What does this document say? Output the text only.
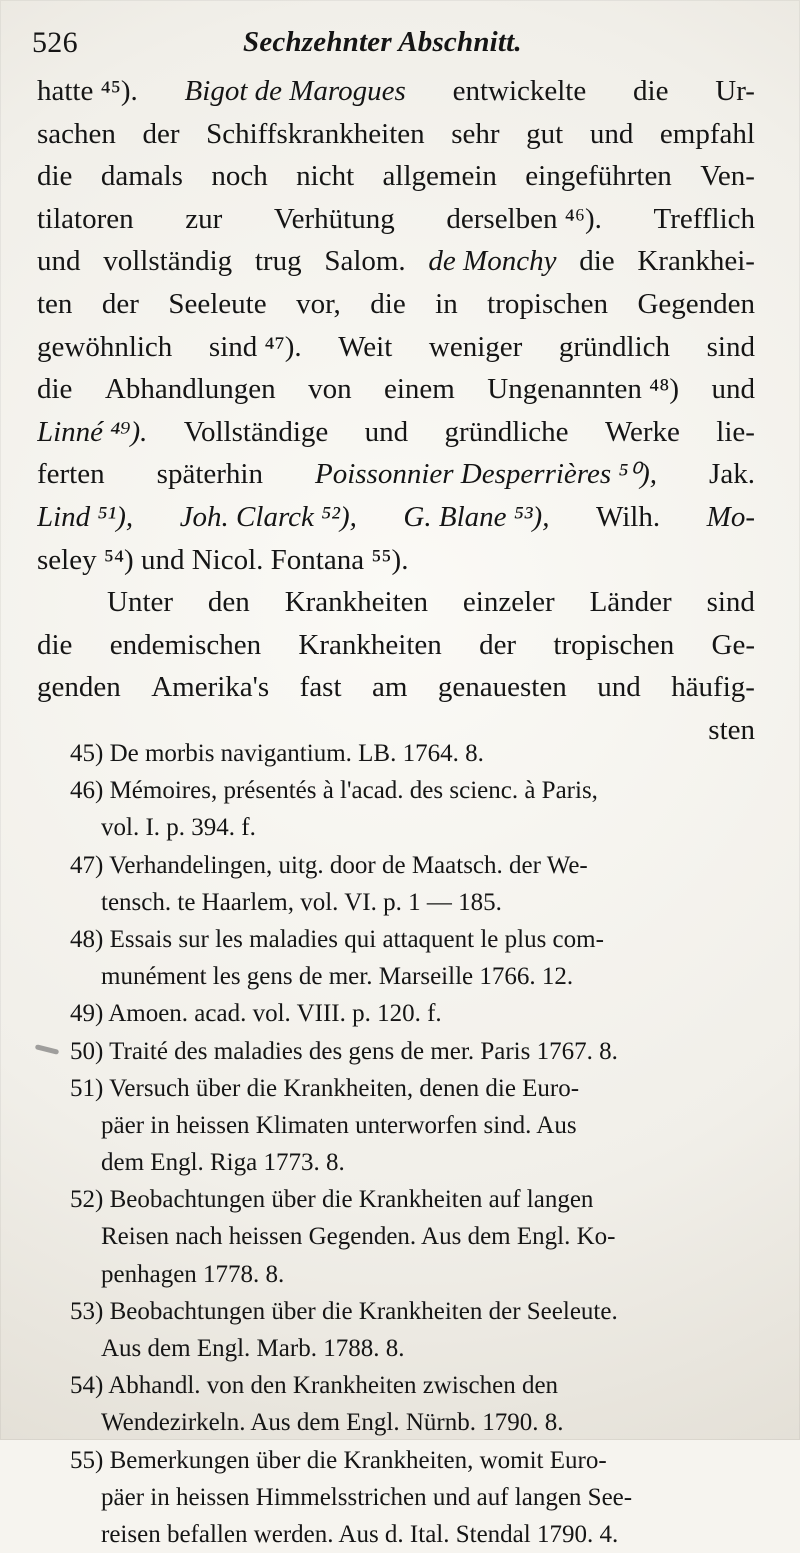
526	Sechzehnter Abschnitt.
hatte ⁴⁵). Bigot de Marogues entwickelte die Ur-
sachen der Schiffskrankheiten sehr gut und empfahl
die damals noch nicht allgemein eingeführten Ven-
tilatoren zur Verhütung derselben ⁴⁶). Trefflich
und vollständig trug Salom. de Monchy die Krankhei-
ten der Seeleute vor, die in tropischen Gegenden
gewöhnlich sind ⁴⁷). Weit weniger gründlich sind
die Abhandlungen von einem Ungenannten ⁴⁸) und
Linné ⁴⁹). Vollständige und gründliche Werke lie-
ferten späterhin Poissonnier Desperrières ⁵⁰), Jak.
Lind ⁵¹), Joh. Clarck ⁵²), G. Blane ⁵³), Wilh. Mo-
seley ⁵⁴) und Nicol. Fontana ⁵⁵).
Unter den Krankheiten einzeler Länder sind
die endemischen Krankheiten der tropischen Ge-
genden Amerika's fast am genauesten und häufig-
sten
45) De morbis navigantium. LB. 1764. 8.
46) Mémoires, présentés à l'acad. des scienc. à Paris,
vol. I. p. 394. f.
47) Verhandelingen, uitg. door de Maatsch. der We-
tensch. te Haarlem, vol. VI. p. 1 — 185.
48) Essais sur les maladies qui attaquent le plus com-
munément les gens de mer. Marseille 1766. 12.
49) Amoen. acad. vol. VIII. p. 120. f.
50) Traité des maladies des gens de mer. Paris 1767. 8.
51) Versuch über die Krankheiten, denen die Euro-
päer in heissen Klimaten unterworfen sind. Aus
dem Engl. Riga 1773. 8.
52) Beobachtungen über die Krankheiten auf langen
Reisen nach heissen Gegenden. Aus dem Engl. Ko-
penhagen 1778. 8.
53) Beobachtungen über die Krankheiten der Seeleute.
Aus dem Engl. Marb. 1788. 8.
54) Abhandl. von den Krankheiten zwischen den
Wendezirkeln. Aus dem Engl. Nürnb. 1790. 8.
55) Bemerkungen über die Krankheiten, womit Euro-
päer in heissen Himmelsstrichen und auf langen See-
reisen befallen werden. Aus d. Ital. Stendal 1790. 4.
